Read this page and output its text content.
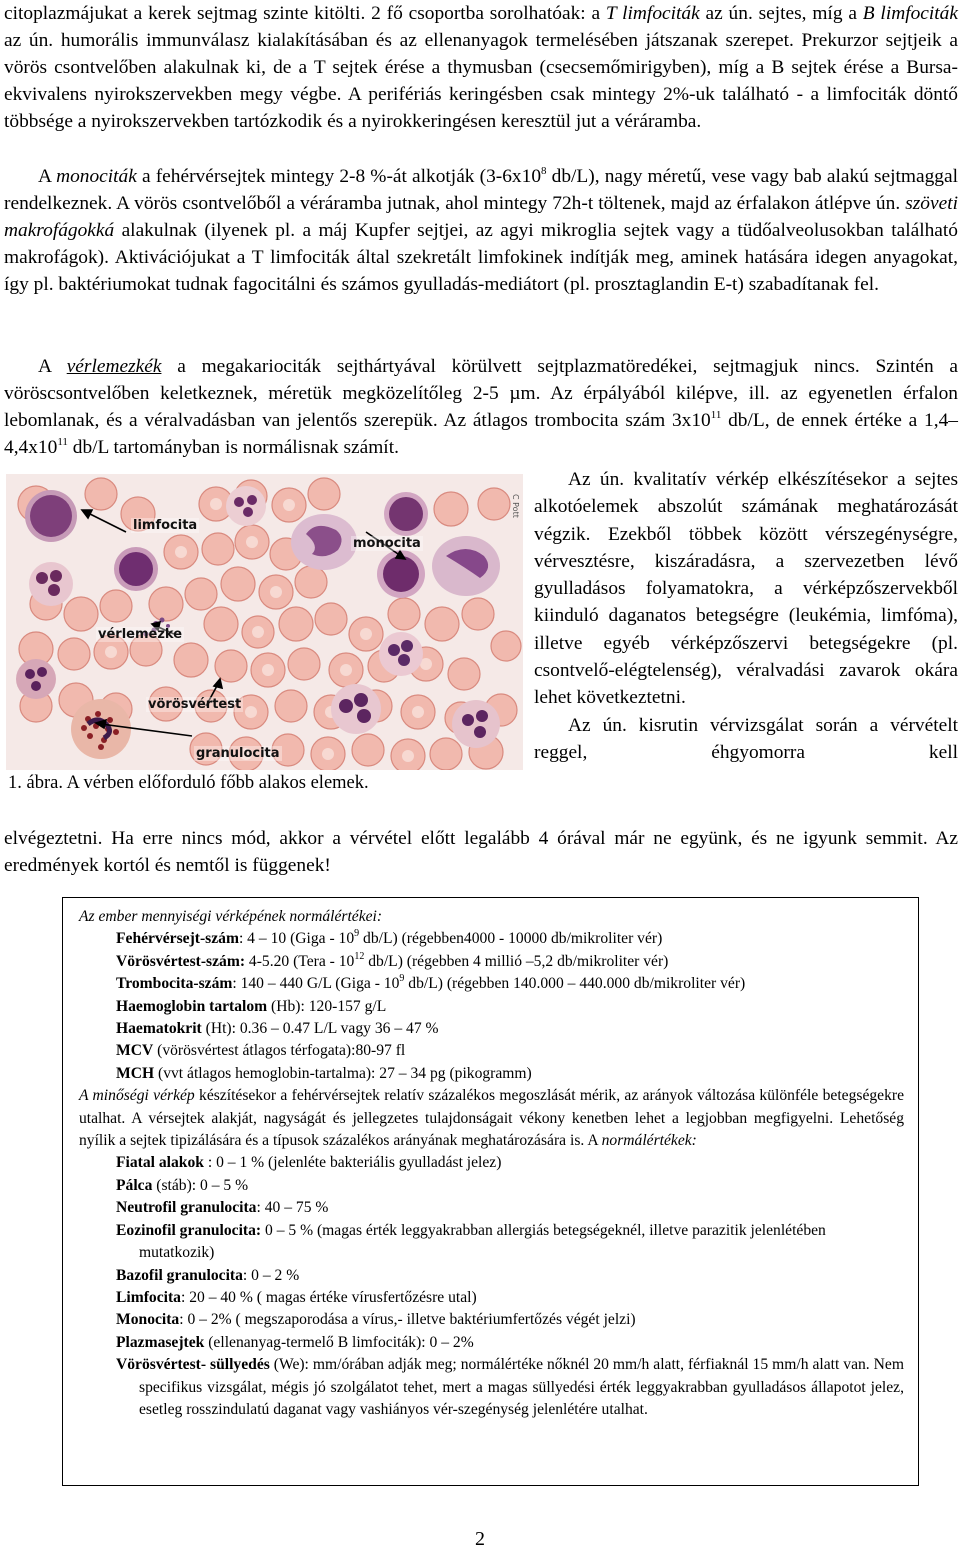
citoplazmájukat a kerek sejtmag szinte kitölti. 2 fő csoportba sorolhatóak: a T limfociták az ún. sejtes, míg a B limfociták az ún. humorális immunválasz kialakításában és az ellenanyagok termelésében játszanak szerepet. Prekurzor sejtjeik a vörös csontvelőben alakulnak ki, de a T sejtek érése a thymusban (csecsemőmirigyben), míg a B sejtek érése a Bursa-ekvivalens nyirokszervekben megy végbe. A perifériás keringésben csak mintegy 2%-uk található - a limfociták döntő többsége a nyirokszervekben tartózkodik és a nyirokkeringésen keresztül jut a véráramba.

A monociták a fehérvérsejtek mintegy 2-8 %-át alkotják ($3-6x10^8$ db/L), nagy méretű, vese vagy bab alakú sejtmaggal rendelkeznek. A vörös csontvelőből a véráramba jutnak, ahol mintegy 72h-t töltenek, majd az érfalakon átlépve ún. szöveti makrofágokká alakulnak (ilyenek pl. a máj Kupfer sejtjei, az agyi mikroglia sejtek vagy a tüdőalveolusokban található makrofágok). Aktivációjukat a T limfociták által szekretált limfokinek indítják meg, aminek hatására idegen anyagokat, így pl. baktériumokat tudnak fagocitálni és számos gyulladás-mediátort (pl. prosztaglandin E-t) szabadítanak fel.

A vérlemezkék a megakariociták sejthártyával körülvett sejtplazmatöredékei, sejtmagjuk nincs. Szintén a vöröscsontvelőben keletkeznek, méretük megközelítőleg 2-5 µm. Az érpályából kilépve, ill. az egyenetlen érfalon lebomlanak, és a véralvadásban van jelentős szerepük. Az átlagos trombocita szám $3x10^{11}$ db/L, de ennek értéke a $1,4-4,4x10^{11}$ db/L tartományban is normálisnak számít.

C Pott
limfocita
monocita
vérlemezke
vörösvértest
granulocita
1. ábra. A vérben előforduló főbb alakos elemek.
Az ún. kvalitatív vérkép elkészítésekor a sejtes alkotóelemek abszolút számának meghatározását végzik. Ezekből többek között vérszegénységre, vérvesztésre, kiszáradásra, a szervezetben lévő gyulladásos folyamatokra, a vérképzőszervekből kiinduló daganatos betegségre (leukémia, limfóma), illetve egyéb vérképzőszervi betegségekre (pl. csontvelő-elégtelenség), véralvadási zavarok okára lehet következtetni.
Az ún. kisrutin vérvizsgálat során a vérvételt reggel, éhgyomorra kell

elvégeztetni. Ha erre nincs mód, akkor a vérvétel előtt legalább 4 órával már ne együnk, és ne igyunk semmit. Az eredmények kortól és nemtől is függenek!

Az ember mennyiségi vérképének normálértékei:
Fehérvérsejt-szám: 4 – 10 (Giga - $10^9$ db/L) (régebben4000 - 10000 db/mikroliter vér)
Vörösvértest-szám: 4-5.20 (Tera - $10^{12}$ db/L) (régebben 4 millió –5,2 db/mikroliter vér)
Trombocita-szám: 140 – 440 G/L (Giga - $10^9$ db/L) (régebben 140.000 – 440.000 db/mikroliter vér)
Haemoglobin tartalom (Hb): 120-157 g/L
Haematokrit (Ht): 0.36 – 0.47 L/L vagy 36 – 47 %
MCV (vörösvértest átlagos térfogata):80-97 fl
MCH (vvt átlagos hemoglobin-tartalma): 27 – 34 pg (pikogramm)
A minőségi vérkép készítésekor a fehérvérsejtek relatív százalékos megoszlását mérik, az arányok változása különféle betegségekre utalhat. A vérsejtek alakját, nagyságát és jellegzetes tulajdonságait vékony kenetben lehet a legjobban megfigyelni. Lehetőség nyílik a sejtek tipizálására és a típusok százalékos arányának meghatározására is. A normálértékek:
Fiatal alakok : 0 – 1 % (jelenléte bakteriális gyulladást jelez)
Pálca (stáb): 0 – 5 %
Neutrofil granulocita: 40 – 75 %
Eozinofil granulocita: 0 – 5 % (magas érték leggyakrabban allergiás betegségeknél, illetve parazitik jelenlétében mutatkozik)
Bazofil granulocita: 0 – 2 %
Limfocita: 20 – 40 % ( magas értéke vírusfertőzésre utal)
Monocita: 0 – 2% ( megszaporodása a vírus,- illetve baktériumfertőzés végét jelzi)
Plazmasejtek (ellenanyag-termelő B limfociták): 0 – 2%
Vörösvértest- süllyedés (We): mm/órában adják meg; normálértéke nőknél 20 mm/h alatt, férfiaknál 15 mm/h alatt van. Nem specifikus vizsgálat, mégis jó szolgálatot tehet, mert a magas süllyedési érték leggyakrabban gyulladásos állapotot jelez, esetleg rosszindulatú daganat vagy vashiányos vér-szegénység jelenlétére utalhat.
2
